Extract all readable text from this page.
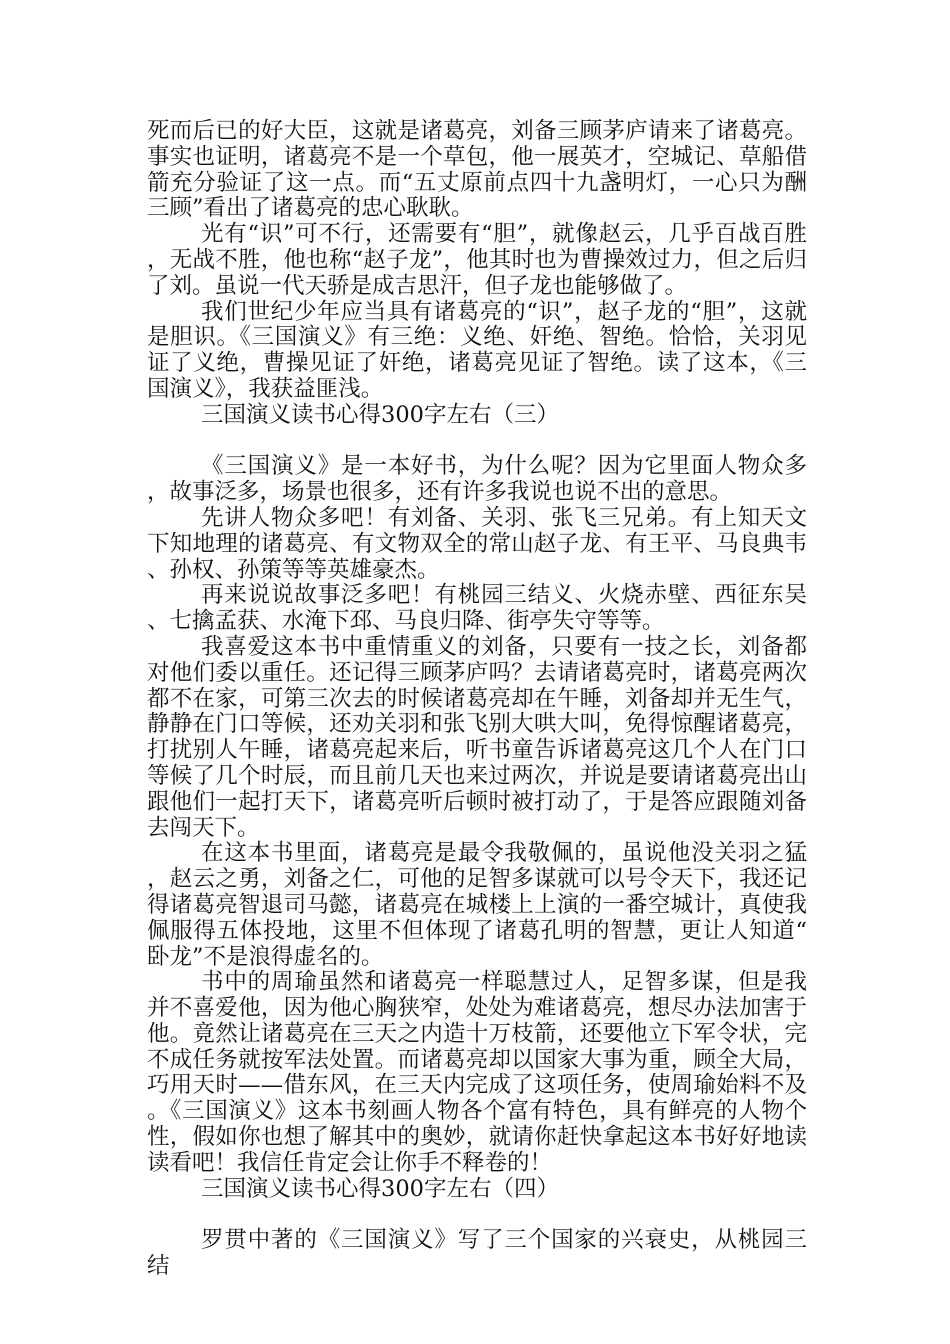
死而后已的好大臣，这就是诸葛亮，刘备三顾茅庐请来了诸葛亮。事实也证明，诸葛亮不是一个草包，他一展英才，空城记、草船借箭充分验证了这一点。而“五丈原前点四十九盏明灯，一心只为酬三顾”看出了诸葛亮的忠心耿耿。

光有“识”可不行，还需要有“胆”，就像赵云，几乎百战百胜，无战不胜，他也称“赵子龙”，他其时也为曹操效过力，但之后归了刘。虽说一代天骄是成吉思汗，但子龙也能够做了。

我们世纪少年应当具有诸葛亮的“识”，赵子龙的“胆”，这就是胆识。《三国演义》有三绝：义绝、奸绝、智绝。恰恰，关羽见证了义绝，曹操见证了奸绝，诸葛亮见证了智绝。读了这本，《三国演义》，我获益匪浅。

三国演义读书心得300字左右（三）

《三国演义》是一本好书，为什么呢？因为它里面人物众多，故事泛多，场景也很多，还有许多我说也说不出的意思。

先讲人物众多吧！有刘备、关羽、张飞三兄弟。有上知天文下知地理的诸葛亮、有文物双全的常山赵子龙、有王平、马良典韦、孙权、孙策等等英雄豪杰。

再来说说故事泛多吧！有桃园三结义、火烧赤壁、西征东吴、七擒孟获、水淹下邳、马良归降、街亭失守等等。

我喜爱这本书中重情重义的刘备，只要有一技之长，刘备都对他们委以重任。还记得三顾茅庐吗？去请诸葛亮时，诸葛亮两次都不在家，可第三次去的时候诸葛亮却在午睡，刘备却并无生气，静静在门口等候，还劝关羽和张飞别大哄大叫，免得惊醒诸葛亮，打扰别人午睡，诸葛亮起来后，听书童告诉诸葛亮这几个人在门口等候了几个时辰，而且前几天也来过两次，并说是要请诸葛亮出山跟他们一起打天下，诸葛亮听后顿时被打动了，于是答应跟随刘备去闯天下。

在这本书里面，诸葛亮是最令我敬佩的，虽说他没关羽之猛，赵云之勇，刘备之仁，可他的足智多谋就可以号令天下，我还记得诸葛亮智退司马懿，诸葛亮在城楼上上演的一番空城计，真使我佩服得五体投地，这里不但体现了诸葛孔明的智慧，更让人知道“卧龙”不是浪得虚名的。

书中的周瑜虽然和诸葛亮一样聪慧过人，足智多谋，但是我并不喜爱他，因为他心胸狭窄，处处为难诸葛亮，想尽办法加害于他。竟然让诸葛亮在三天之内造十万枝箭，还要他立下军令状，完不成任务就按军法处置。而诸葛亮却以国家大事为重，顾全大局，巧用天时——借东风，在三天内完成了这项任务，使周瑜始料不及。《三国演义》这本书刻画人物各个富有特色，具有鲜亮的人物个性，假如你也想了解其中的奥妙，就请你赶快拿起这本书好好地读读看吧！我信任肯定会让你手不释卷的！

三国演义读书心得300字左右（四）

罗贯中著的《三国演义》写了三个国家的兴衰史，从桃园三结
